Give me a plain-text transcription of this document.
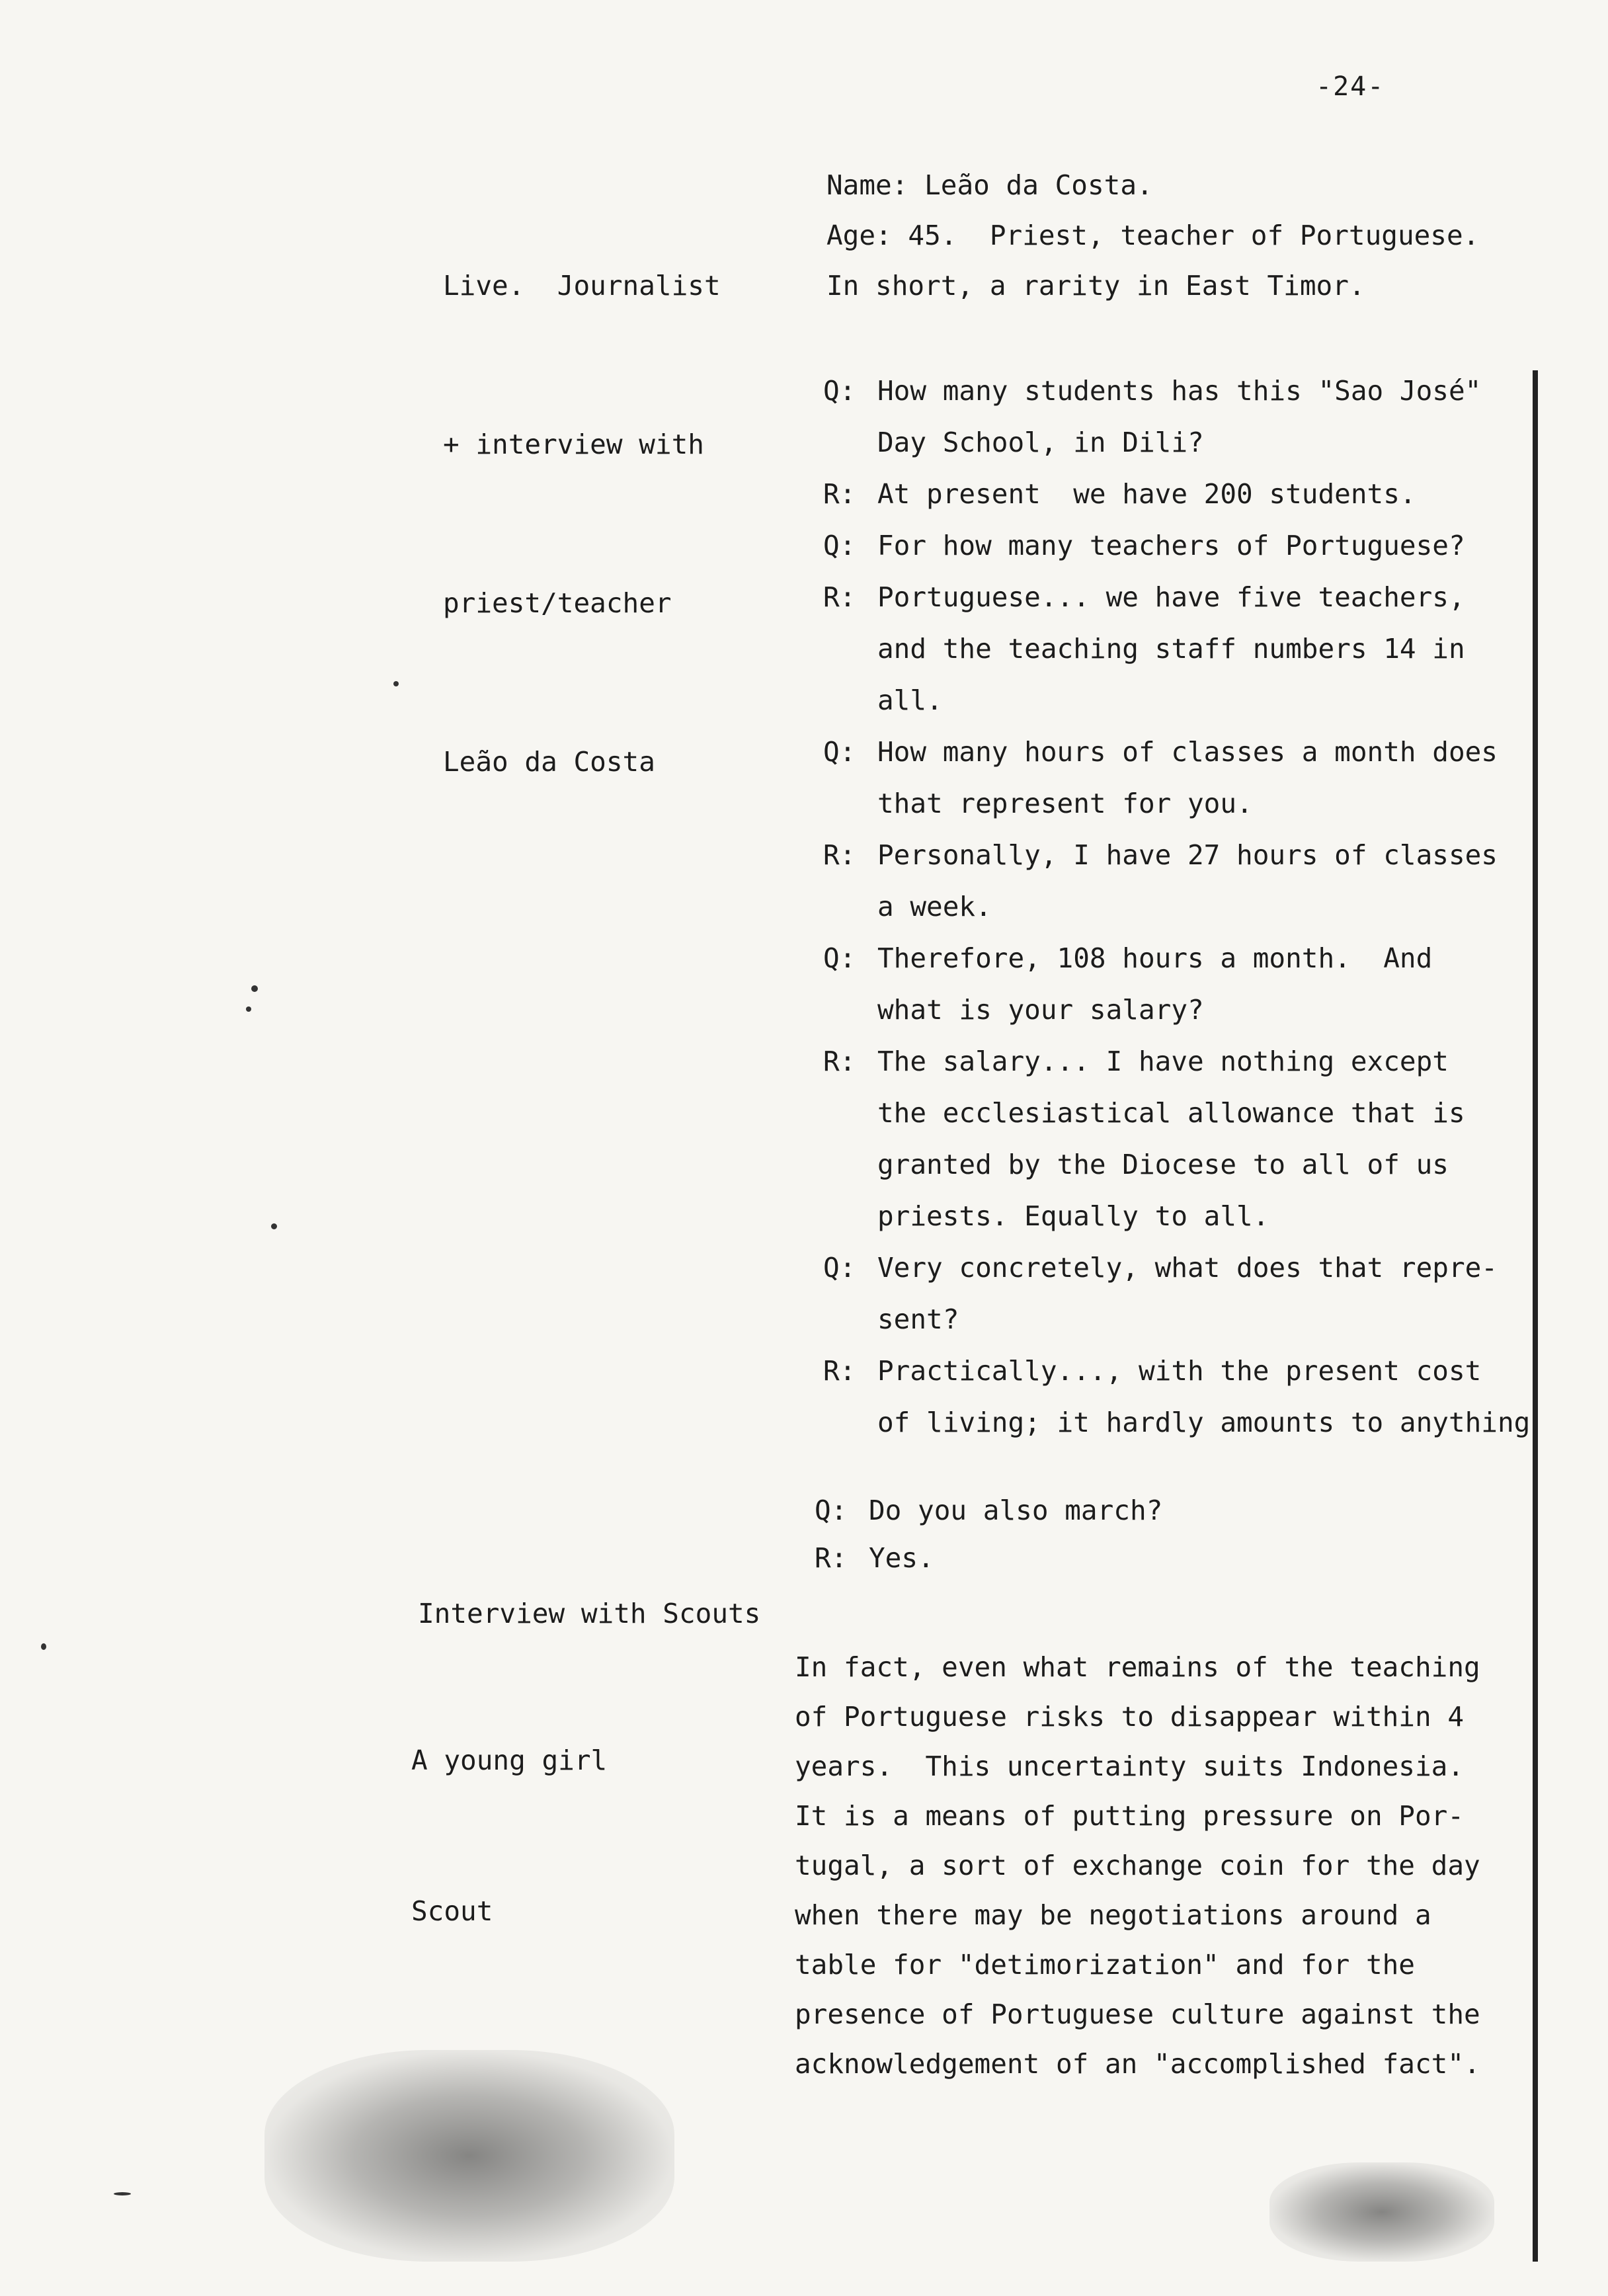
-24-

Live.  Journalist

+ interview with

priest/teacher

Leão da Costa

Name: Leão da Costa.
Age: 45.  Priest, teacher of Portuguese.
In short, a rarity in East Timor.
Q: How many students has this "Sao José"
Day School, in Dili?
R: At present  we have 200 students.
Q: For how many teachers of Portuguese?
R: Portuguese... we have five teachers,
and the teaching staff numbers 14 in
all.
Q: How many hours of classes a month does
that represent for you.
R: Personally, I have 27 hours of classes
a week.
Q: Therefore, 108 hours a month.  And
what is your salary?
R: The salary... I have nothing except
the ecclesiastical allowance that is
granted by the Diocese to all of us
priests. Equally to all.
Q: Very concretely, what does that repre-
sent?
R: Practically..., with the present cost
of living; it hardly amounts to anything

Interview with Scouts

Q: Do you also march?
R: Yes.

A young girl

Scout

In fact, even what remains of the teaching
of Portuguese risks to disappear within 4
years.  This uncertainty suits Indonesia.
It is a means of putting pressure on Por-
tugal, a sort of exchange coin for the day
when there may be negotiations around a
table for "detimorization" and for the
presence of Portuguese culture against the
acknowledgement of an "accomplished fact".
